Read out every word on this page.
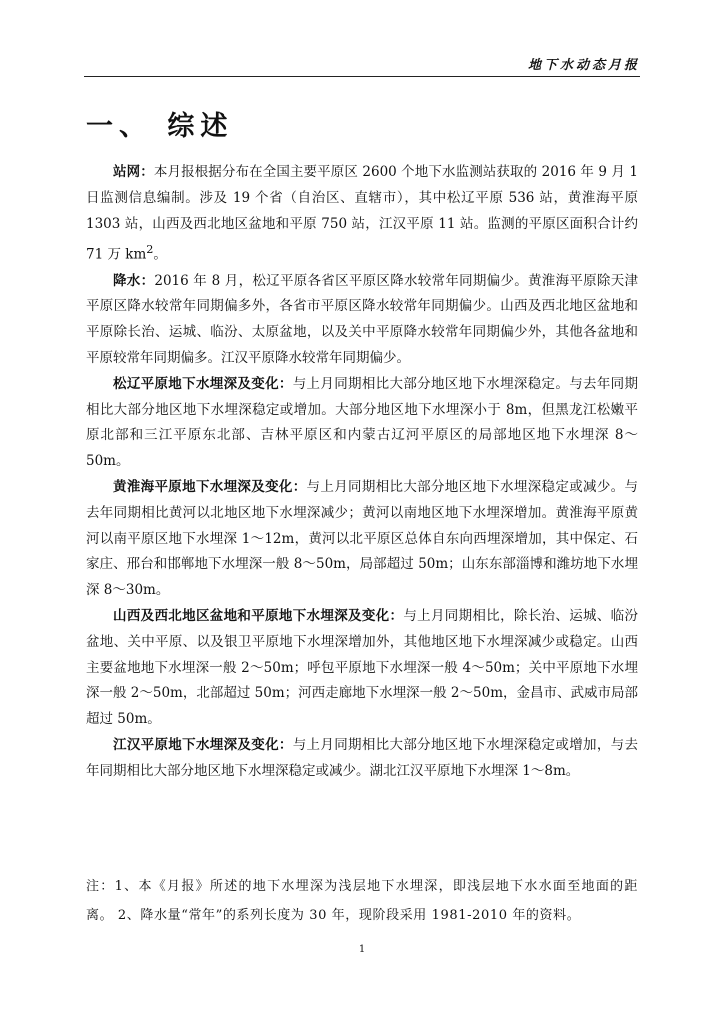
地下水动态月报
一、 综述

站网：本月报根据分布在全国主要平原区 2600 个地下水监测站获取的 2016 年 9 月 1 日监测信息编制。涉及 19 个省（自治区、直辖市），其中松辽平原 536 站，黄淮海平原 1303 站，山西及西北地区盆地和平原 750 站，江汉平原 11 站。监测的平原区面积合计约 71 万 $km^2$。

降水：2016 年 8 月，松辽平原各省区平原区降水较常年同期偏少。黄淮海平原除天津平原区降水较常年同期偏多外，各省市平原区降水较常年同期偏少。山西及西北地区盆地和平原除长治、运城、临汾、太原盆地，以及关中平原降水较常年同期偏少外，其他各盆地和平原较常年同期偏多。江汉平原降水较常年同期偏少。

松辽平原地下水埋深及变化：与上月同期相比大部分地区地下水埋深稳定。与去年同期相比大部分地区地下水埋深稳定或增加。大部分地区地下水埋深小于 8m，但黑龙江松嫩平原北部和三江平原东北部、吉林平原区和内蒙古辽河平原区的局部地区地下水埋深 8～50m。

黄淮海平原地下水埋深及变化：与上月同期相比大部分地区地下水埋深稳定或减少。与去年同期相比黄河以北地区地下水埋深减少；黄河以南地区地下水埋深增加。黄淮海平原黄河以南平原区地下水埋深 1～12m，黄河以北平原区总体自东向西埋深增加，其中保定、石家庄、邢台和邯郸地下水埋深一般 8～50m，局部超过 50m；山东东部淄博和潍坊地下水埋深 8～30m。

山西及西北地区盆地和平原地下水埋深及变化：与上月同期相比，除长治、运城、临汾盆地、关中平原、以及银卫平原地下水埋深增加外，其他地区地下水埋深减少或稳定。山西主要盆地地下水埋深一般 2～50m；呼包平原地下水埋深一般 4～50m；关中平原地下水埋深一般 2～50m，北部超过 50m；河西走廊地下水埋深一般 2～50m，金昌市、武威市局部超过 50m。

江汉平原地下水埋深及变化：与上月同期相比大部分地区地下水埋深稳定或增加，与去年同期相比大部分地区地下水埋深稳定或减少。湖北江汉平原地下水埋深 1～8m。

注：1、本《月报》所述的地下水埋深为浅层地下水埋深，即浅层地下水水面至地面的距离。 2、降水量“常年”的系列长度为 30 年，现阶段采用 1981-2010 年的资料。
1
